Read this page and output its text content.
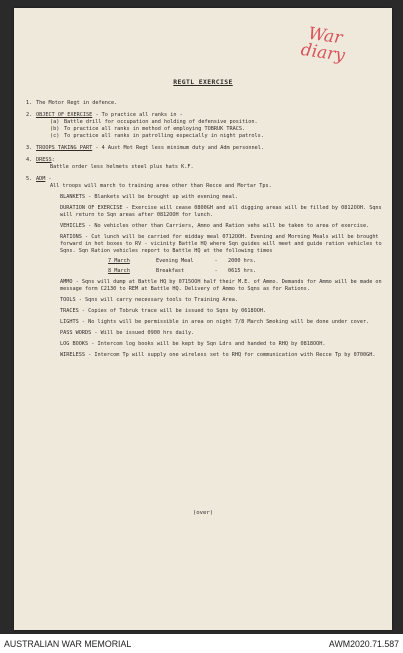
War diary
REGTL EXERCISE
1. The Motor Regt in defence.
2. OBJECT OF EXERCISE - To practice all ranks in -
(a) Battle drill for occupation and holding of defensive position.
(b) To practice all ranks in method of employing TOBRUK TRACS.
(c) To practice all ranks in patrolling especially in night patrols.
3. TROOPS TAKING PART - 4 Aust Mot Regt less minimum duty and Adm personnel.
4. DRESS:
Battle order less helmets steel plus hats K.F.
5. ADM -
All troops will march to training area other than Recce and Mortar Tps.
BLANKETS - Blankets will be brought up with evening meal.
DURATION OF EXERCISE - Exercise will cease 0800GH and all digging areas will be filled by 0812OOH. Sqns will return to Sqn areas after 0812OOH for lunch.
VEHICLES - No vehicles other than Carriers, Amno and Ration vehs will be taken to area of exercise.
RATIONS - Cut lunch will be carried for midday meal 0712OOH. Evening and Morning Meals will be brought forward in hot boxes to RV - vicinity Battle HQ where Sqn guides will meet and guide ration vehicles to Sqns. Sqn Ration vehicles report to Battle HQ at the following times
7 March	Evening Meal	-	2000 hrs.
8 March	Breakfast	-	0615 hrs.
AMMO - Sqns will dump at Battle HQ by 0715OOH half their M.E. of Ammo. Demands for Ammo will be made on message form C2130 to REM at Battle HQ. Delivery of Ammo to Sqns as for Rations.
TOOLS - Sqns will carry necessary tools to Training Area.
TRACES - Copies of Tobruk trace will be issued to Sqns by 0618OOH.
LIGHTS - No lights will be permissible in area on night 7/8 March Smoking will be done under cover.
PASS WORDS - Will be issued 0900 hrs daily.
LOG BOOKS - Intercom log books will be kept by Sqn Ldrs and handed to RHQ by 0818OOH.
WIRELESS - Intercom Tp will supply one wireless set to RHQ for communication with Recce Tp by 0700GH.
(over)
AUSTRALIAN WAR MEMORIAL	AWM2020.71.587
